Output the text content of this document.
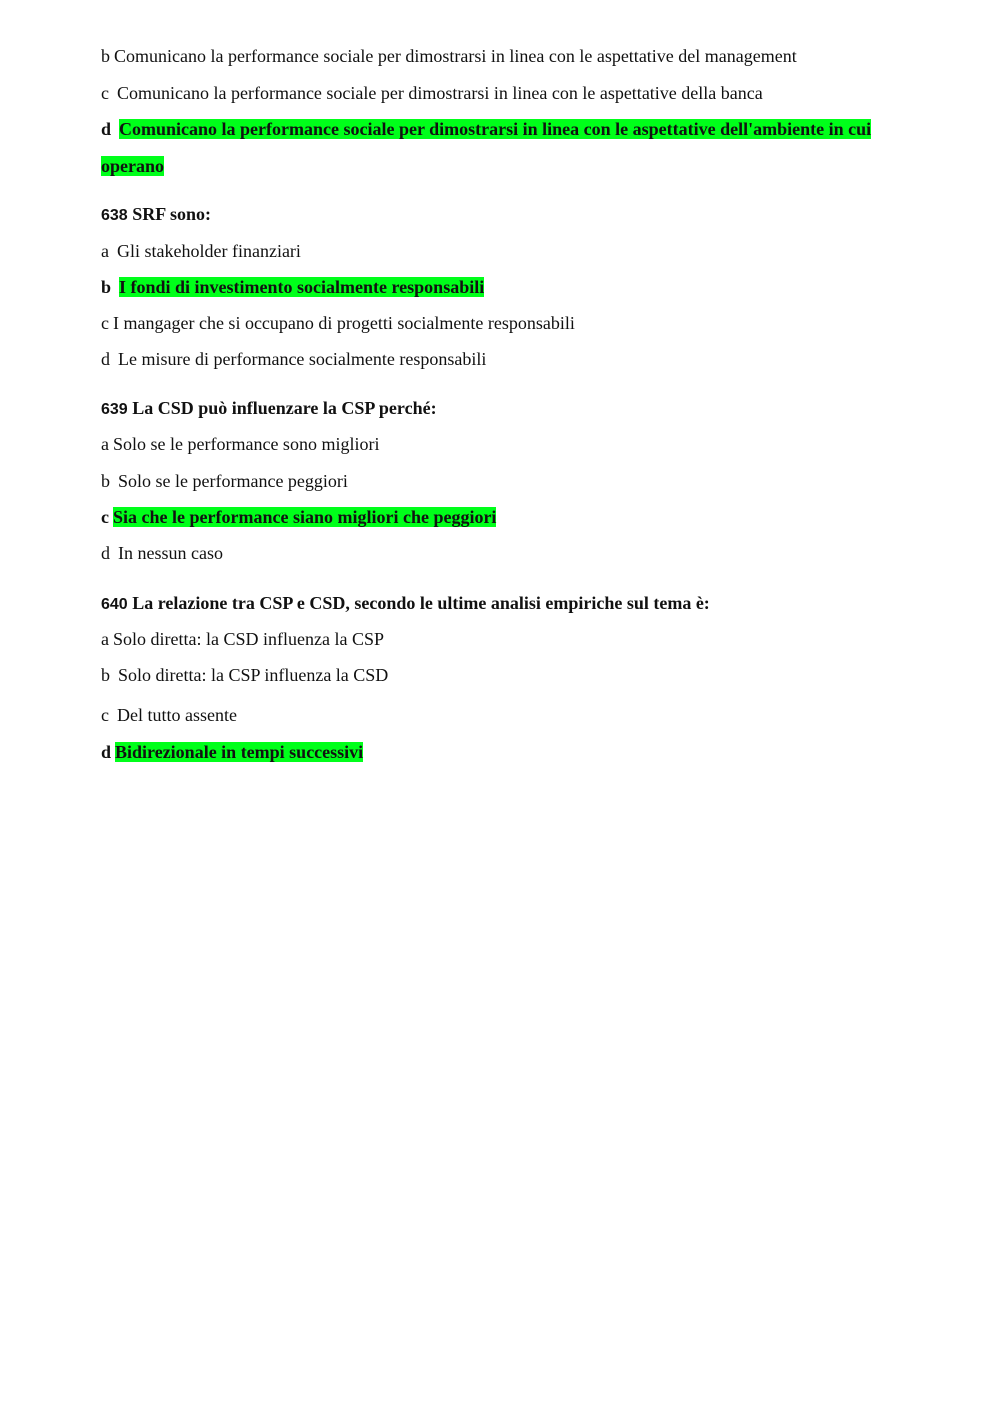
b Comunicano la performance sociale per dimostrarsi in linea con le aspettative del management
c Comunicano la performance sociale per dimostrarsi in linea con le aspettative della banca
d Comunicano la performance sociale per dimostrarsi in linea con le aspettative dell'ambiente in cui
operano
638 SRF sono:
a Gli stakeholder finanziari
b I fondi di investimento socialmente responsabili
c I mangager che si occupano di progetti socialmente responsabili
d Le misure di performance socialmente responsabili
639 La CSD può influenzare la CSP perché:
a Solo se le performance sono migliori
b Solo se le performance peggiori
c Sia che le performance siano migliori che peggiori
d In nessun caso
640 La relazione tra CSP e CSD, secondo le ultime analisi empiriche sul tema è:
a Solo diretta: la CSD influenza la CSP
b Solo diretta: la CSP influenza la CSD
c Del tutto assente
d Bidirezionale in tempi successivi
